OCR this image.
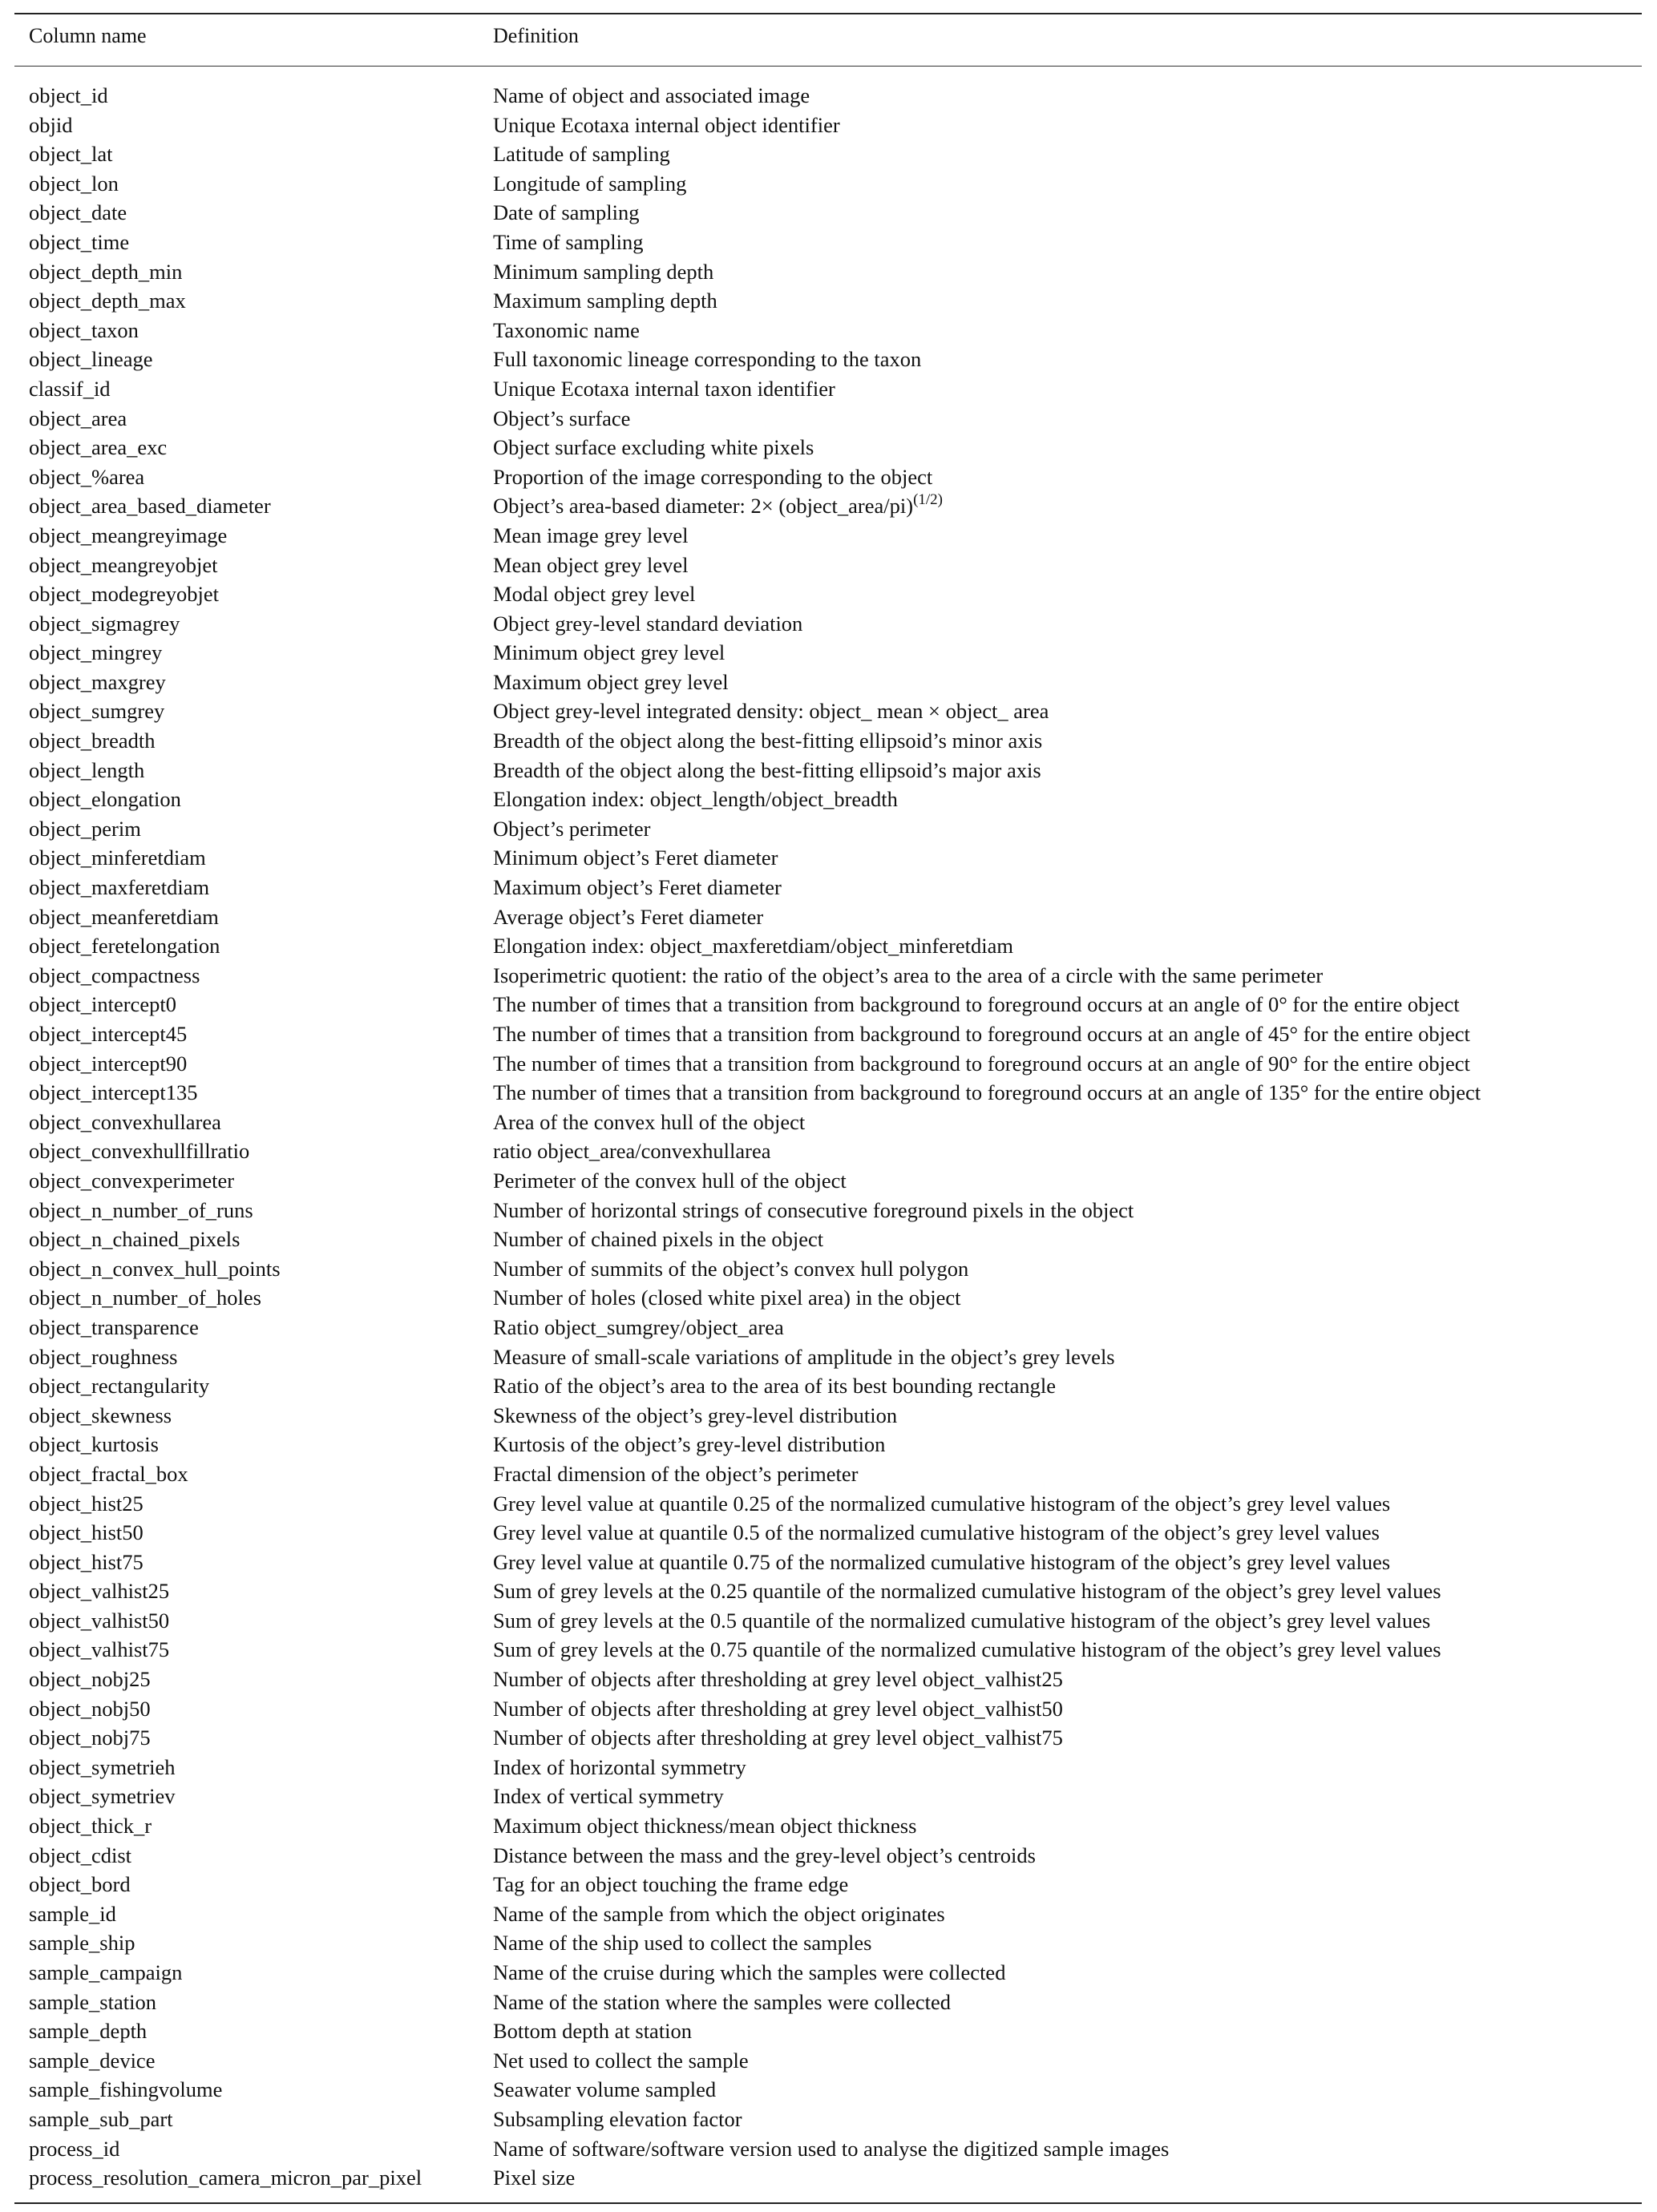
Column name	Definition
object_id	Name of object and associated image
objid	Unique Ecotaxa internal object identifier
object_lat	Latitude of sampling
object_lon	Longitude of sampling
object_date	Date of sampling
object_time	Time of sampling
object_depth_min	Minimum sampling depth
object_depth_max	Maximum sampling depth
object_taxon	Taxonomic name
object_lineage	Full taxonomic lineage corresponding to the taxon
classif_id	Unique Ecotaxa internal taxon identifier
object_area	Object’s surface
object_area_exc	Object surface excluding white pixels
object_%area	Proportion of the image corresponding to the object
object_area_based_diameter	Object’s area-based diameter: 2× (object_area/pi)$^{(1/2)}$
object_meangreyimage	Mean image grey level
object_meangreyobjet	Mean object grey level
object_modegreyobjet	Modal object grey level
object_sigmagrey	Object grey-level standard deviation
object_mingrey	Minimum object grey level
object_maxgrey	Maximum object grey level
object_sumgrey	Object grey-level integrated density: object_ mean × object_ area
object_breadth	Breadth of the object along the best-fitting ellipsoid’s minor axis
object_length	Breadth of the object along the best-fitting ellipsoid’s major axis
object_elongation	Elongation index: object_length/object_breadth
object_perim	Object’s perimeter
object_minferetdiam	Minimum object’s Feret diameter
object_maxferetdiam	Maximum object’s Feret diameter
object_meanferetdiam	Average object’s Feret diameter
object_feretelongation	Elongation index: object_maxferetdiam/object_minferetdiam
object_compactness	Isoperimetric quotient: the ratio of the object’s area to the area of a circle with the same perimeter
object_intercept0	The number of times that a transition from background to foreground occurs at an angle of 0° for the entire object
object_intercept45	The number of times that a transition from background to foreground occurs at an angle of 45° for the entire object
object_intercept90	The number of times that a transition from background to foreground occurs at an angle of 90° for the entire object
object_intercept135	The number of times that a transition from background to foreground occurs at an angle of 135° for the entire object
object_convexhullarea	Area of the convex hull of the object
object_convexhullfillratio	ratio object_area/convexhullarea
object_convexperimeter	Perimeter of the convex hull of the object
object_n_number_of_runs	Number of horizontal strings of consecutive foreground pixels in the object
object_n_chained_pixels	Number of chained pixels in the object
object_n_convex_hull_points	Number of summits of the object’s convex hull polygon
object_n_number_of_holes	Number of holes (closed white pixel area) in the object
object_transparence	Ratio object_sumgrey/object_area
object_roughness	Measure of small-scale variations of amplitude in the object’s grey levels
object_rectangularity	Ratio of the object’s area to the area of its best bounding rectangle
object_skewness	Skewness of the object’s grey-level distribution
object_kurtosis	Kurtosis of the object’s grey-level distribution
object_fractal_box	Fractal dimension of the object’s perimeter
object_hist25	Grey level value at quantile 0.25 of the normalized cumulative histogram of the object’s grey level values
object_hist50	Grey level value at quantile 0.5 of the normalized cumulative histogram of the object’s grey level values
object_hist75	Grey level value at quantile 0.75 of the normalized cumulative histogram of the object’s grey level values
object_valhist25	Sum of grey levels at the 0.25 quantile of the normalized cumulative histogram of the object’s grey level values
object_valhist50	Sum of grey levels at the 0.5 quantile of the normalized cumulative histogram of the object’s grey level values
object_valhist75	Sum of grey levels at the 0.75 quantile of the normalized cumulative histogram of the object’s grey level values
object_nobj25	Number of objects after thresholding at grey level object_valhist25
object_nobj50	Number of objects after thresholding at grey level object_valhist50
object_nobj75	Number of objects after thresholding at grey level object_valhist75
object_symetrieh	Index of horizontal symmetry
object_symetriev	Index of vertical symmetry
object_thick_r	Maximum object thickness/mean object thickness
object_cdist	Distance between the mass and the grey-level object’s centroids
object_bord	Tag for an object touching the frame edge
sample_id	Name of the sample from which the object originates
sample_ship	Name of the ship used to collect the samples
sample_campaign	Name of the cruise during which the samples were collected
sample_station	Name of the station where the samples were collected
sample_depth	Bottom depth at station
sample_device	Net used to collect the sample
sample_fishingvolume	Seawater volume sampled
sample_sub_part	Subsampling elevation factor
process_id	Name of software/software version used to analyse the digitized sample images
process_resolution_camera_micron_par_pixel	Pixel size
